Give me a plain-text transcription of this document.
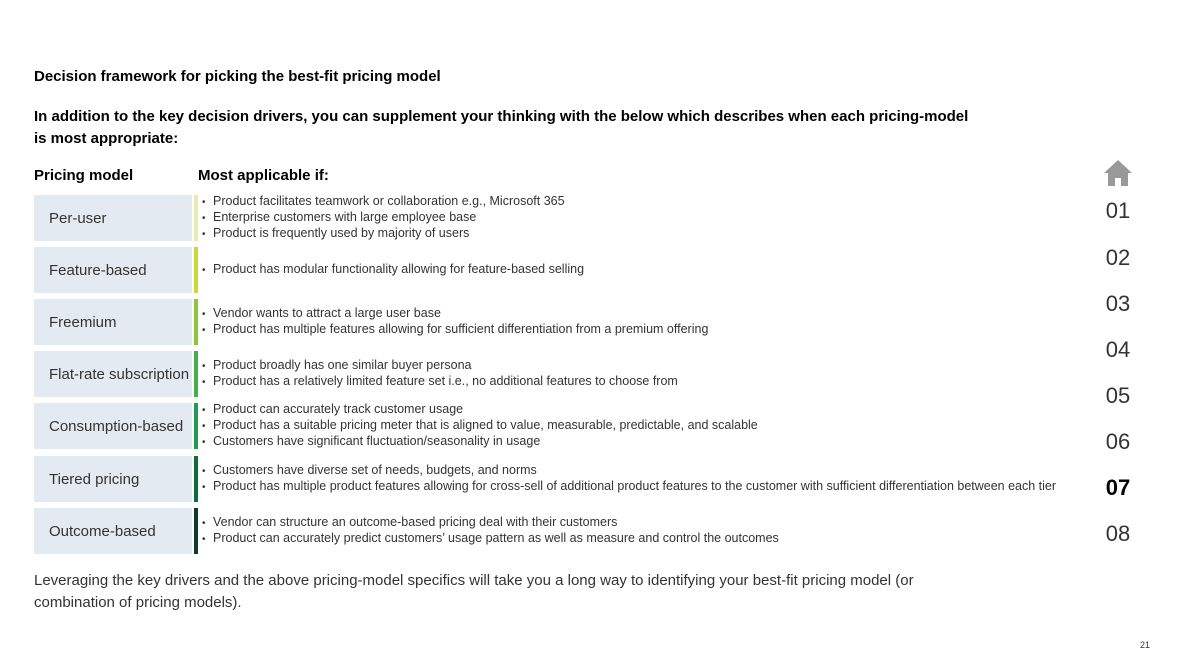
Decision framework for picking the best-fit pricing model
In addition to the key decision drivers, you can supplement your thinking with the below which describes when each pricing-model is most appropriate:
Pricing model	Most applicable if:
Per-user
• Product facilitates teamwork or collaboration e.g., Microsoft 365
• Enterprise customers with large employee base
• Product is frequently used by majority of users
Feature-based
•	Product has modular functionality allowing for feature-based selling
Freemium
• Vendor wants to attract a large user base
• Product has multiple features allowing for sufficient differentiation from a premium offering
Flat-rate subscription
• Product broadly has one similar buyer persona
• Product has a relatively limited feature set i.e., no additional features to choose from
Consumption-based
• Product can accurately track customer usage
• Product has a suitable pricing meter that is aligned to value, measurable, predictable, and scalable
• Customers have significant fluctuation/seasonality in usage
Tiered pricing
• Customers have diverse set of needs, budgets, and norms
• Product has multiple product features allowing for cross-sell of additional product features to the customer with sufficient differentiation between each tier
Outcome-based
• Vendor can structure an outcome-based pricing deal with their customers
• Product can accurately predict customers’ usage pattern as well as measure and control the outcomes
Leveraging the key drivers and the above pricing-model specifics will take you a long way to identifying your best-fit pricing model (or combination of pricing models).
01
02
03
04
05
06
07
08
21
